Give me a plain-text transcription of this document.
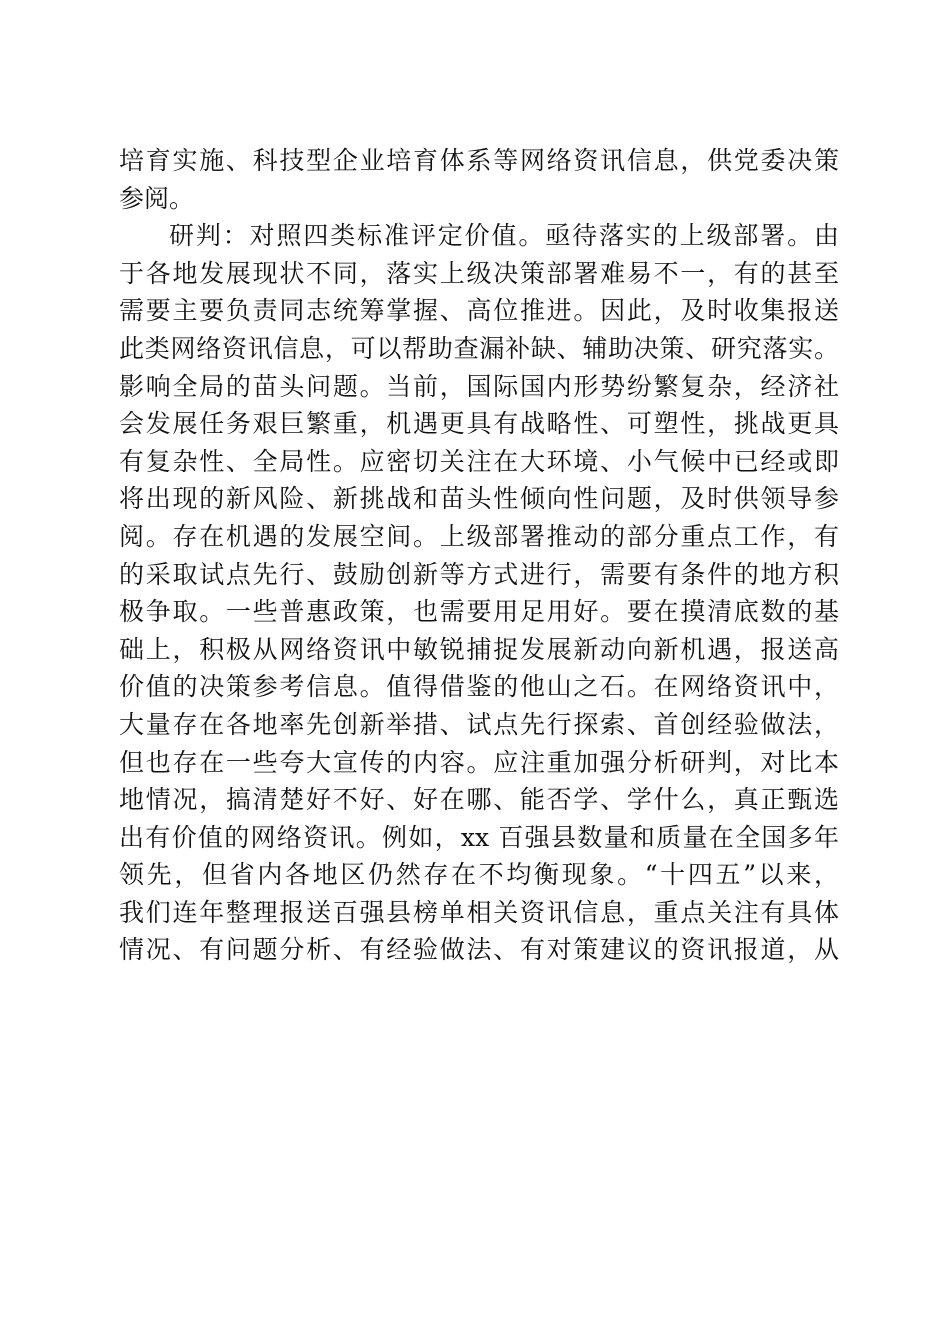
培育实施、科技型企业培育体系等网络资讯信息，供党委决策
参阅。
研判：对照四类标准评定价值。亟待落实的上级部署。由
于各地发展现状不同，落实上级决策部署难易不一，有的甚至
需要主要负责同志统筹掌握、高位推进。因此，及时收集报送
此类网络资讯信息，可以帮助查漏补缺、辅助决策、研究落实。
影响全局的苗头问题。当前，国际国内形势纷繁复杂，经济社
会发展任务艰巨繁重，机遇更具有战略性、可塑性，挑战更具
有复杂性、全局性。应密切关注在大环境、小气候中已经或即
将出现的新风险、新挑战和苗头性倾向性问题，及时供领导参
阅。存在机遇的发展空间。上级部署推动的部分重点工作，有
的采取试点先行、鼓励创新等方式进行，需要有条件的地方积
极争取。一些普惠政策，也需要用足用好。要在摸清底数的基
础上，积极从网络资讯中敏锐捕捉发展新动向新机遇，报送高
价值的决策参考信息。值得借鉴的他山之石。在网络资讯中，
大量存在各地率先创新举措、试点先行探索、首创经验做法，
但也存在一些夸大宣传的内容。应注重加强分析研判，对比本
地情况，搞清楚好不好、好在哪、能否学、学什么，真正甄选
出有价值的网络资讯。例如，xx 百强县数量和质量在全国多年
领先，但省内各地区仍然存在不均衡现象。“十四五”以来，
我们连年整理报送百强县榜单相关资讯信息，重点关注有具体
情况、有问题分析、有经验做法、有对策建议的资讯报道，从
